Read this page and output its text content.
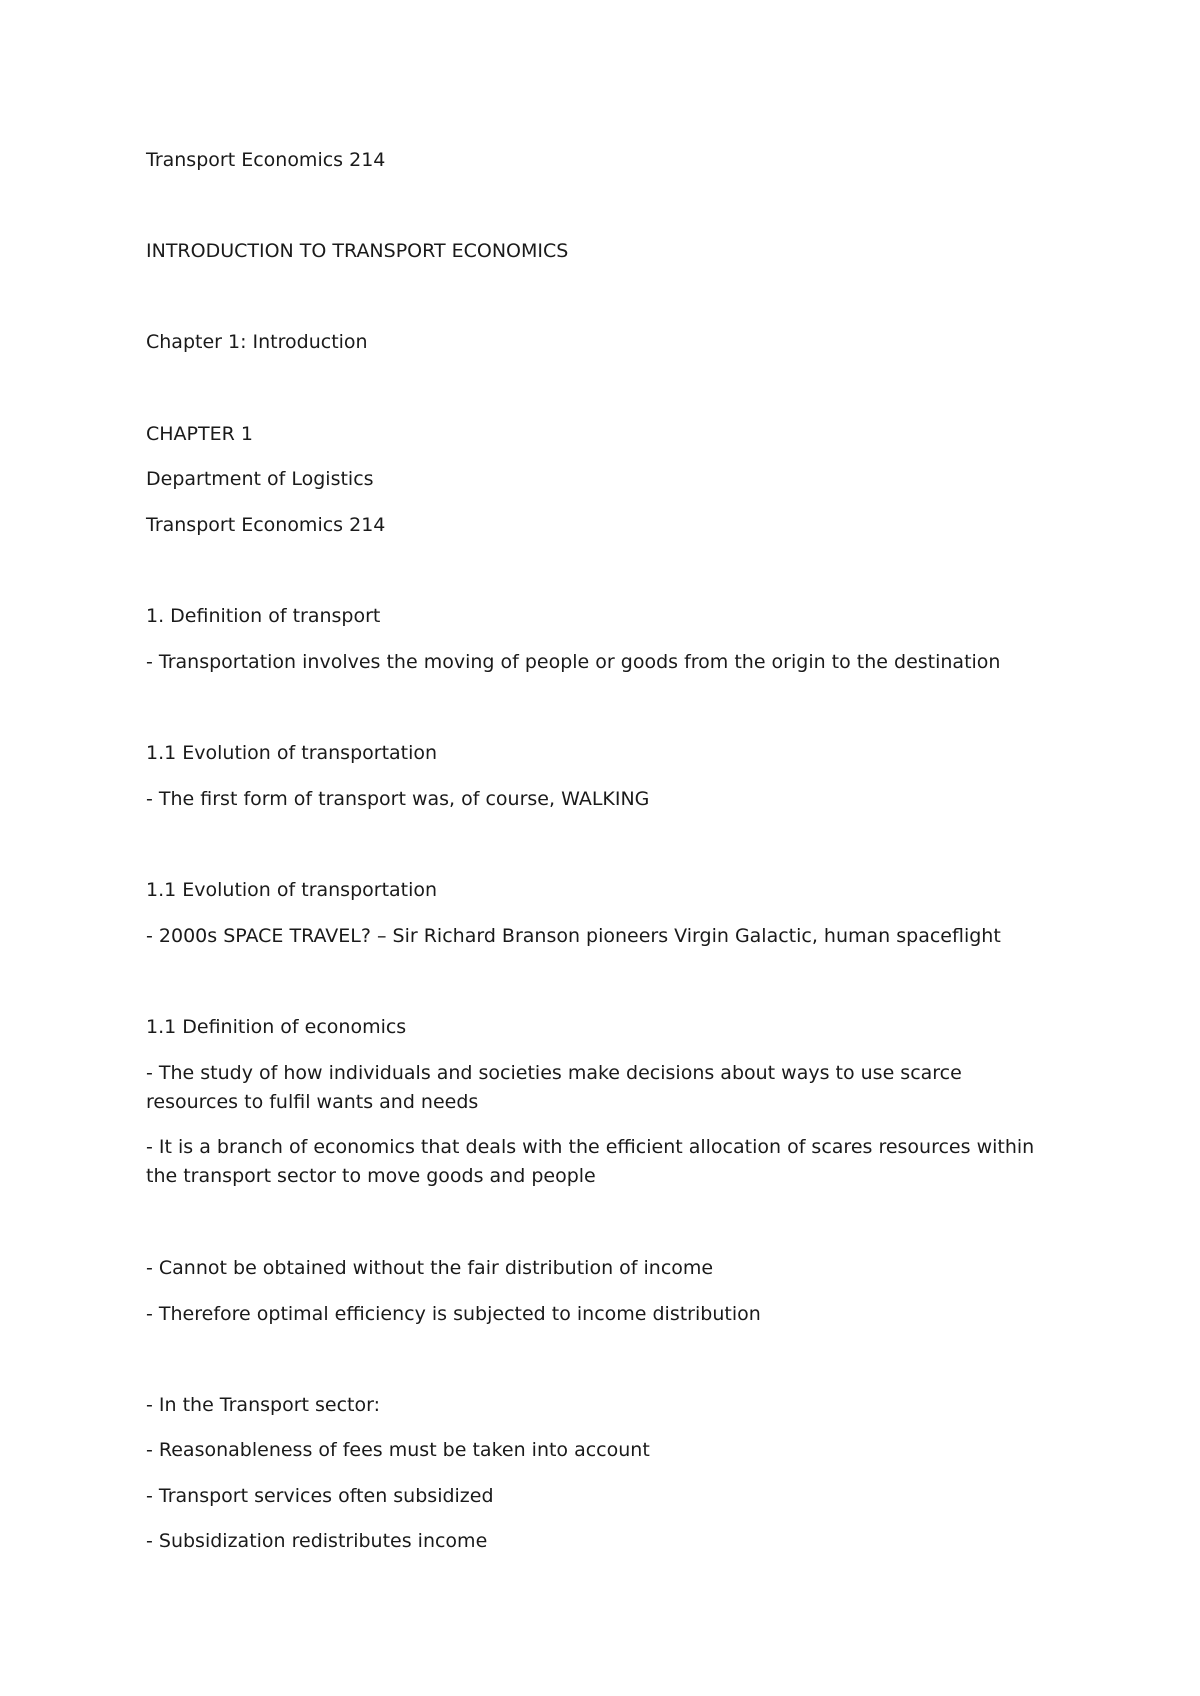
Transport Economics 214

INTRODUCTION TO TRANSPORT ECONOMICS

Chapter 1: Introduction

CHAPTER 1

Department of Logistics

Transport Economics 214

1. Definition of transport

- Transportation involves the moving of people or goods from the origin to the destination

1.1 Evolution of transportation

- The first form of transport was, of course, WALKING

1.1 Evolution of transportation

- 2000s SPACE TRAVEL? – Sir Richard Branson pioneers Virgin Galactic, human spaceflight

1.1 Definition of economics

- The study of how individuals and societies make decisions about ways to use scarce resources to fulfil wants and needs

- It is a branch of economics that deals with the efficient allocation of scares resources within the transport sector to move goods and people

- Cannot be obtained without the fair distribution of income

- Therefore optimal efficiency is subjected to income distribution

- In the Transport sector:

- Reasonableness of fees must be taken into account

- Transport services often subsidized

- Subsidization redistributes income
